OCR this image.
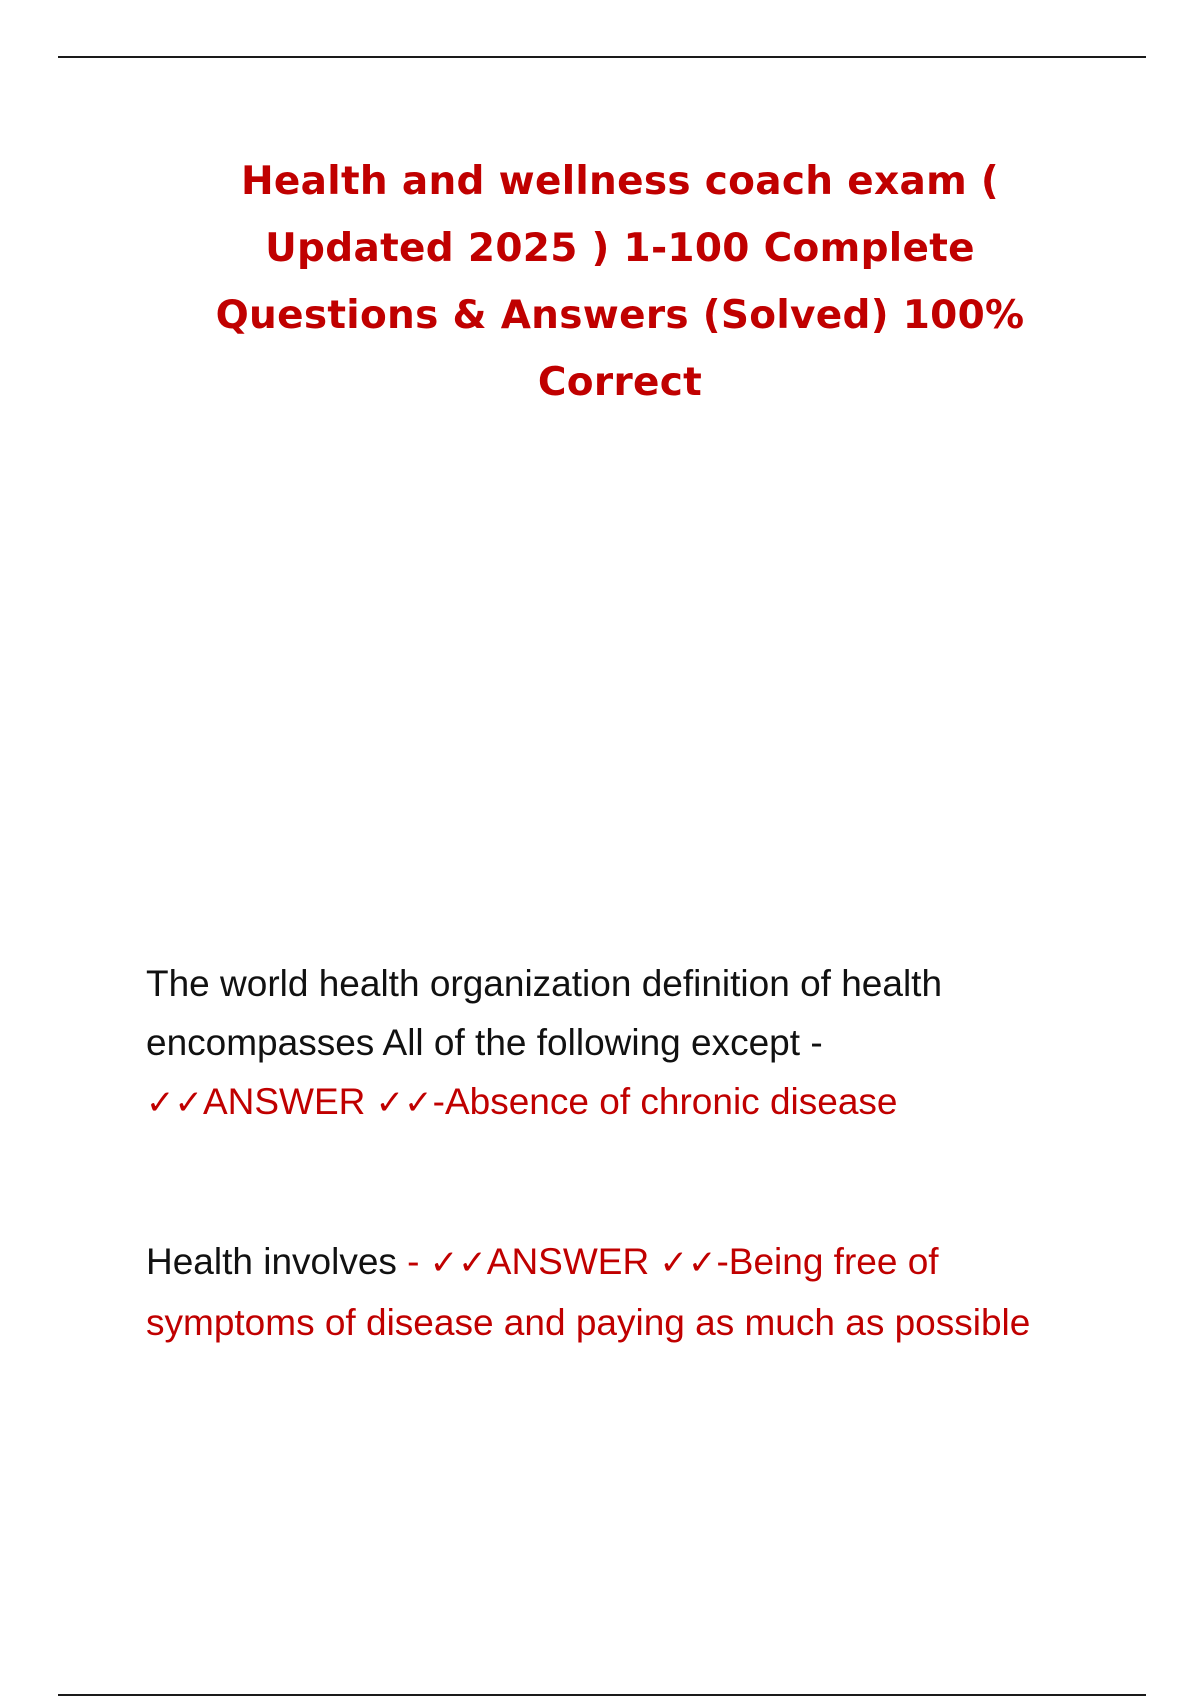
Health and wellness coach exam ( Updated 2025 ) 1-100 Complete Questions & Answers (Solved) 100% Correct
The world health organization definition of health encompasses All of the following except -
✓✓ANSWER ✓✓-Absence of chronic disease
Health involves - ✓✓ANSWER ✓✓-Being free of symptoms of disease and paying as much as possible
